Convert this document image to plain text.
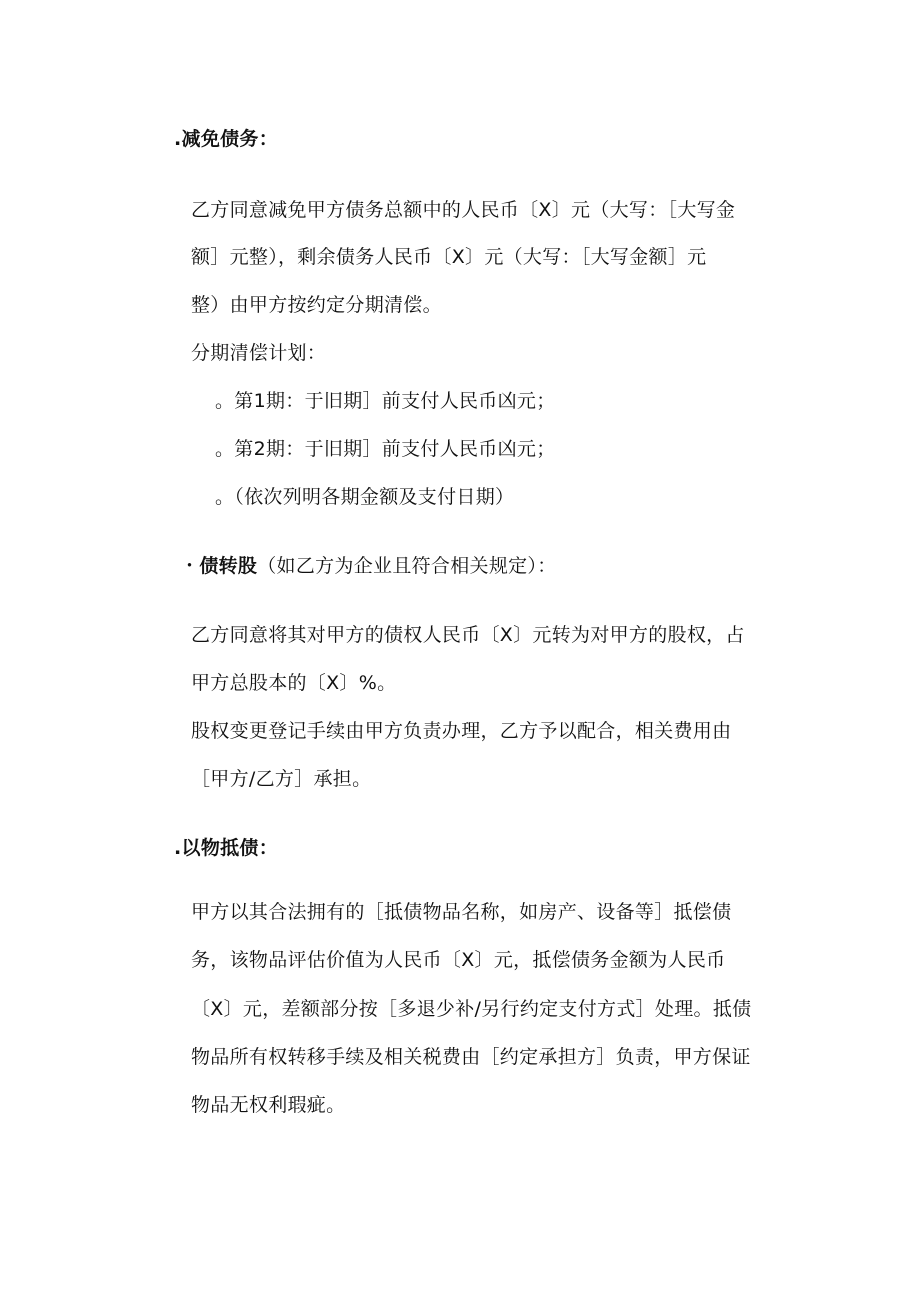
.减免债务：
乙方同意减免甲方债务总额中的人民币〔X〕元（大写：［大写金
额］元整），剩余债务人民币〔X〕元（大写：［大写金额］元
整）由甲方按约定分期清偿。
分期清偿计划：
。第1期：于旧期］前支付人民币凶元；
。第2期：于旧期］前支付人民币凶元；
。（依次列明各期金额及支付日期）
・债转股（如乙方为企业且符合相关规定）：
乙方同意将其对甲方的债权人民币〔X〕元转为对甲方的股权，占
甲方总股本的〔X〕%。
股权变更登记手续由甲方负责办理，乙方予以配合，相关费用由
［甲方/乙方］承担。
.以物抵债：
甲方以其合法拥有的［抵债物品名称，如房产、设备等］抵偿债
务，该物品评估价值为人民币〔X〕元，抵偿债务金额为人民币
〔X〕元，差额部分按［多退少补/另行约定支付方式］处理。抵债
物品所有权转移手续及相关税费由［约定承担方］负责，甲方保证
物品无权利瑕疵。
